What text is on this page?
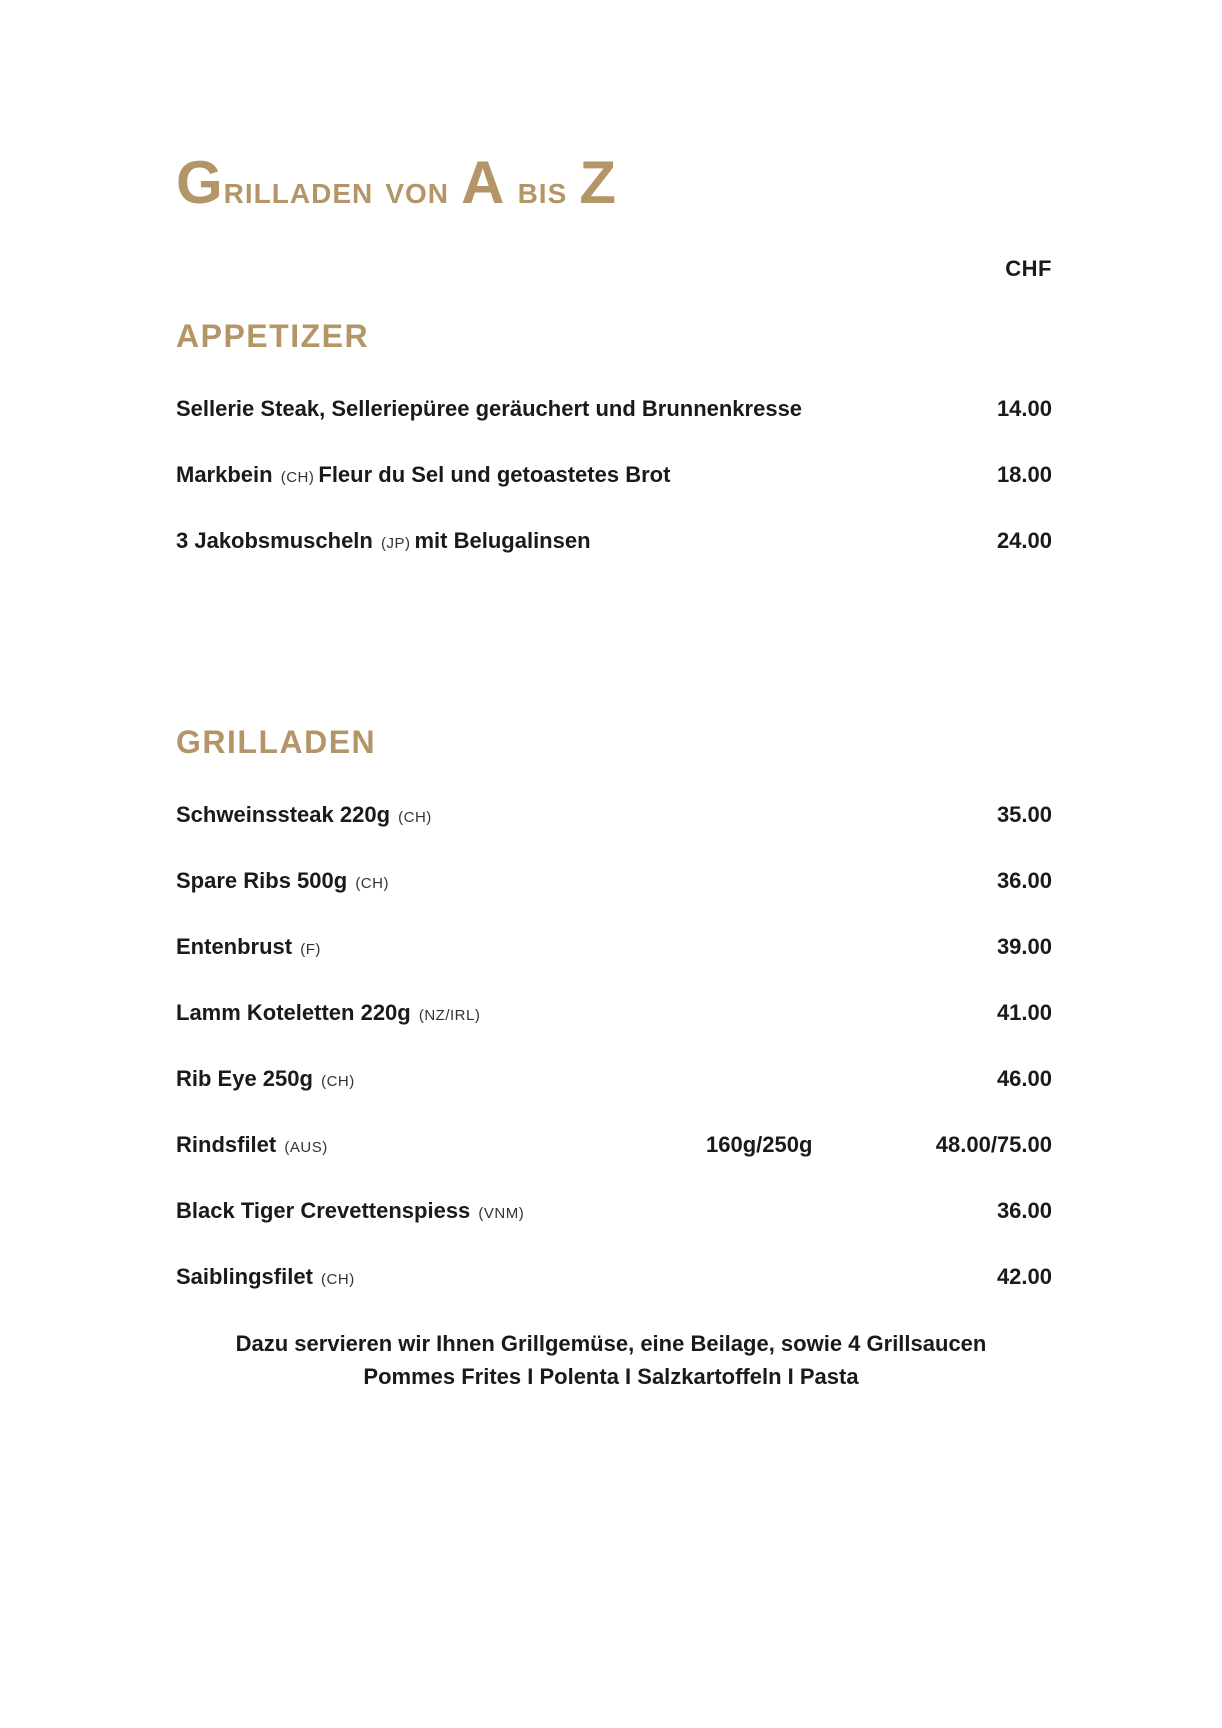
Grilladen von A bis Z
CHF
APPETIZER
Sellerie Steak, Selleriepüree geräuchert und Brunnenkresse	14.00
Markbein (CH) Fleur du Sel und getoastetes Brot	18.00
3 Jakobsmuscheln (JP) mit Belugalinsen	24.00
GRILLADEN
Schweinssteak 220g (CH)	35.00
Spare Ribs 500g (CH)	36.00
Entenbrust (F)	39.00
Lamm Koteletten 220g (NZ/IRL)	41.00
Rib Eye 250g (CH)	46.00
Rindsfilet (AUS)	160g/250g	48.00/75.00
Black Tiger Crevettenspiess (VNM)	36.00
Saiblingsfilet (CH)	42.00
Dazu servieren wir Ihnen Grillgemüse, eine Beilage, sowie 4 Grillsaucen
Pommes Frites I Polenta I Salzkartoffeln I Pasta
